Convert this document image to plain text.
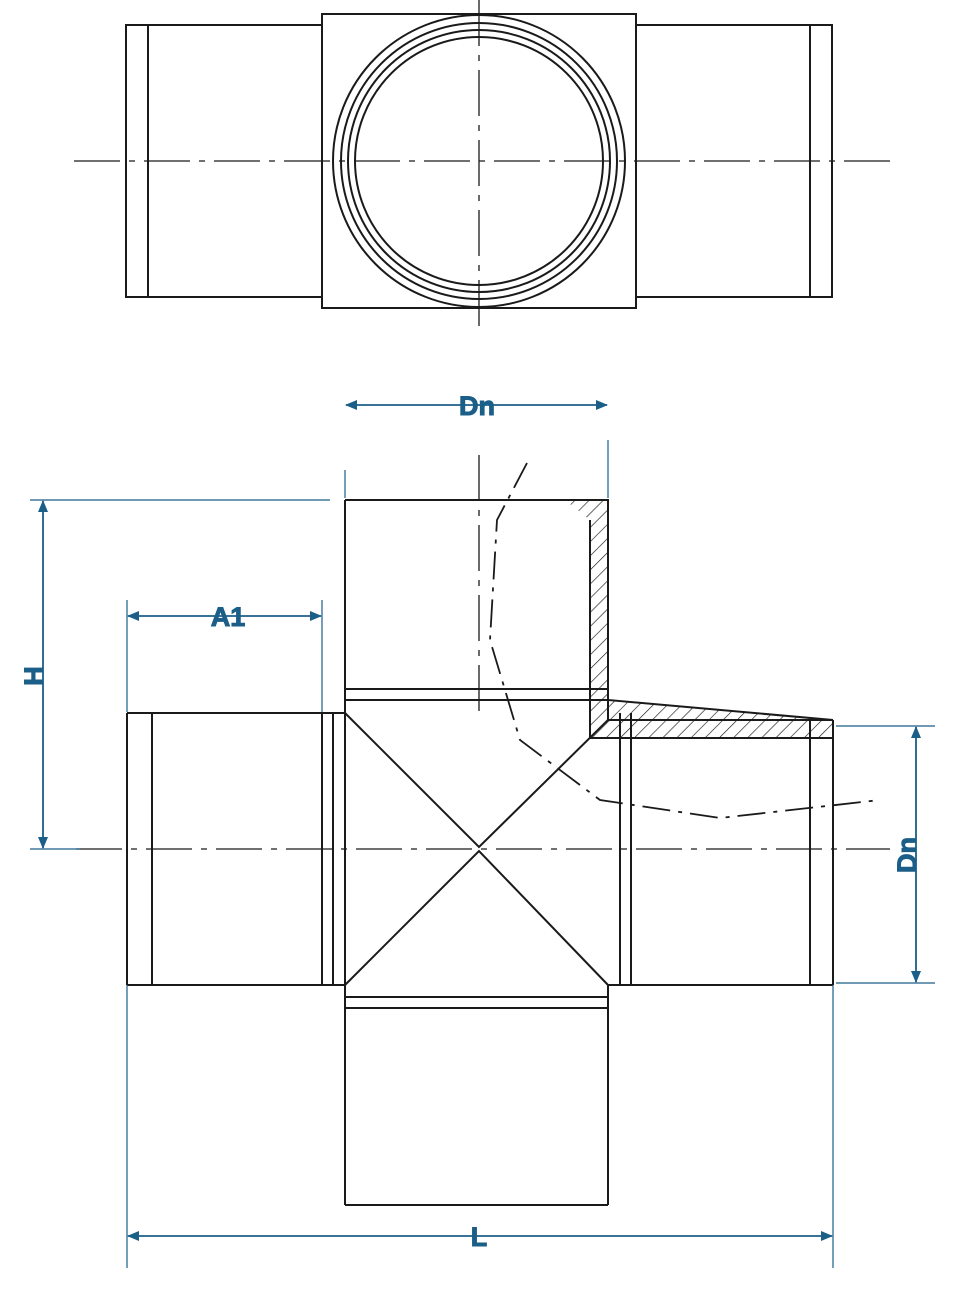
Dn
A1
H
Dn
L
